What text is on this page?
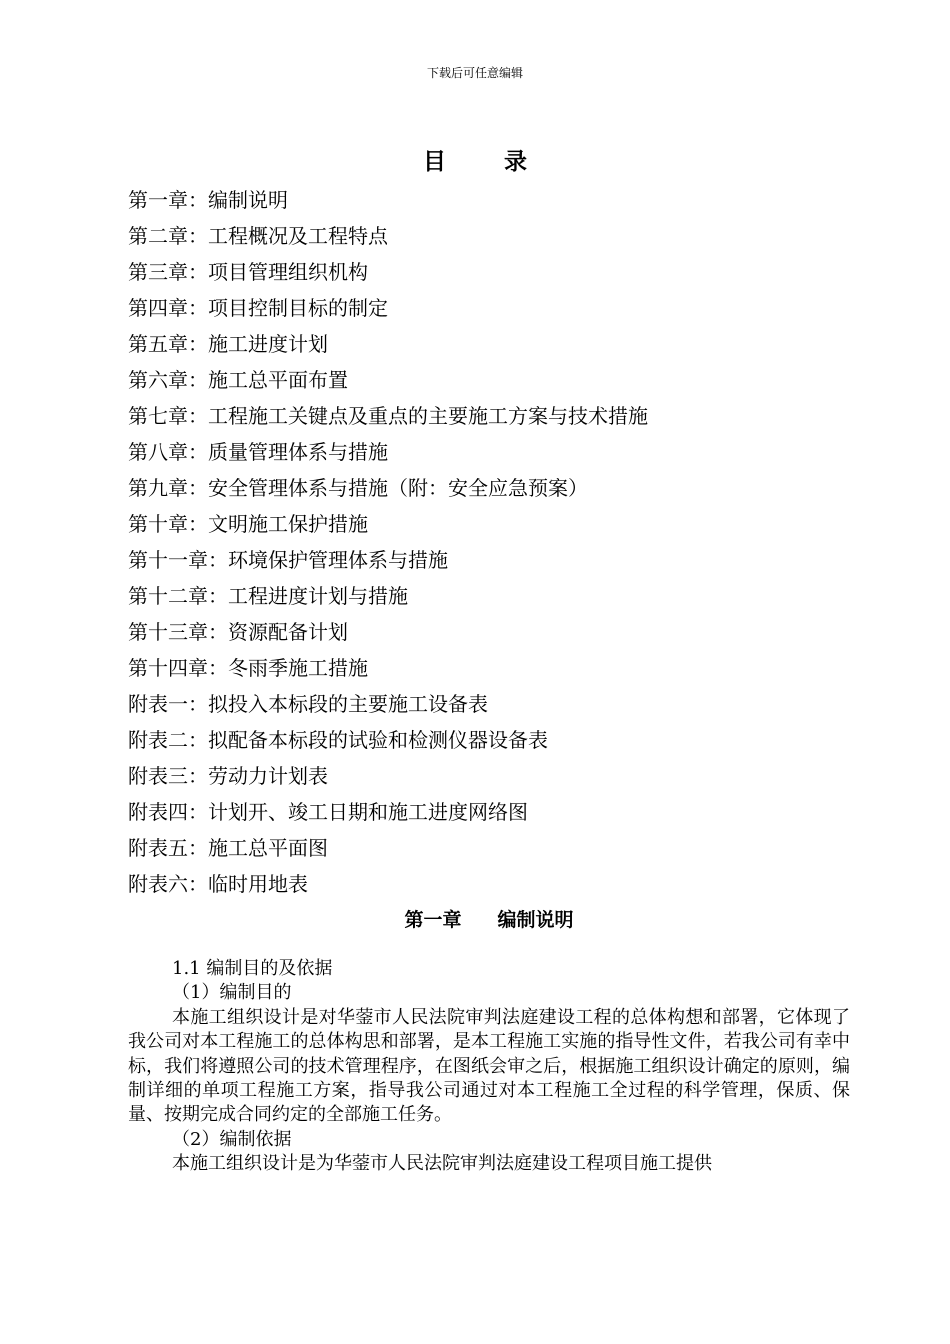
下载后可任意编辑
目	录
第一章：编制说明
第二章：工程概况及工程特点
第三章：项目管理组织机构
第四章：项目控制目标的制定
第五章：施工进度计划
第六章：施工总平面布置
第七章：工程施工关键点及重点的主要施工方案与技术措施
第八章：质量管理体系与措施
第九章：安全管理体系与措施（附：安全应急预案）
第十章：文明施工保护措施
第十一章：环境保护管理体系与措施
第十二章：工程进度计划与措施
第十三章：资源配备计划
第十四章：冬雨季施工措施
附表一：拟投入本标段的主要施工设备表
附表二：拟配备本标段的试验和检测仪器设备表
附表三：劳动力计划表
附表四：计划开、竣工日期和施工进度网络图
附表五：施工总平面图
附表六：临时用地表
第一章 编制说明
1.1 编制目的及依据
（1）编制目的

本施工组织设计是对华蓥市人民法院审判法庭建设工程的总体构想和部署，它体现了我公司对本工程施工的总体构思和部署，是本工程施工实施的指导性文件，若我公司有幸中标，我们将遵照公司的技术管理程序，在图纸会审之后，根据施工组织设计确定的原则，编制详细的单项工程施工方案，指导我公司通过对本工程施工全过程的科学管理，保质、保量、按期完成合同约定的全部施工任务。

（2）编制依据

本施工组织设计是为华蓥市人民法院审判法庭建设工程项目施工提供
